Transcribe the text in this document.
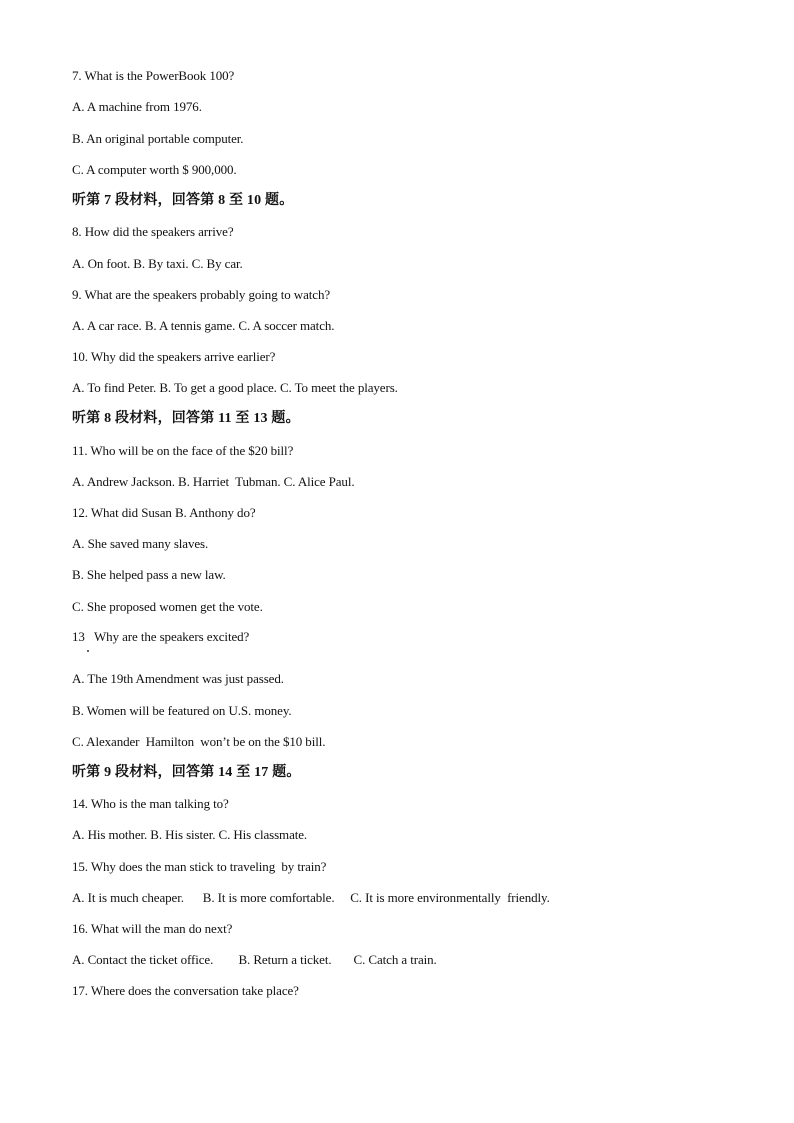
7. What is the PowerBook 100?
A. A machine from 1976.
B. An original portable computer.
C. A computer worth $ 900,000.
听第 7 段材料，回答第 8 至 10 题。
8. How did the speakers arrive?
A. On foot. B. By taxi. C. By car.
9. What are the speakers probably going to watch?
A. A car race. B. A tennis game. C. A soccer match.
10. Why did the speakers arrive earlier?
A. To find Peter. B. To get a good place. C. To meet the players.
听第 8 段材料，回答第 11 至 13 题。
11. Who will be on the face of the $20 bill?
A. Andrew Jackson. B. Harriet  Tubman. C. Alice Paul.
12. What did Susan B. Anthony do?
A. She saved many slaves.
B. She helped pass a new law.
C. She proposed women get the vote.
13   Why are the speakers excited?
A. The 19th Amendment was just passed.
B. Women will be featured on U.S. money.
C. Alexander  Hamilton  won’t be on the $10 bill.
听第 9 段材料，回答第 14 至 17 题。
14. Who is the man talking to?
A. His mother. B. His sister. C. His classmate.
15. Why does the man stick to traveling  by train?
A. It is much cheaper.      B. It is more comfortable.     C. It is more environmentally  friendly.
16. What will the man do next?
A. Contact the ticket office.        B. Return a ticket.       C. Catch a train.
17. Where does the conversation take place?
